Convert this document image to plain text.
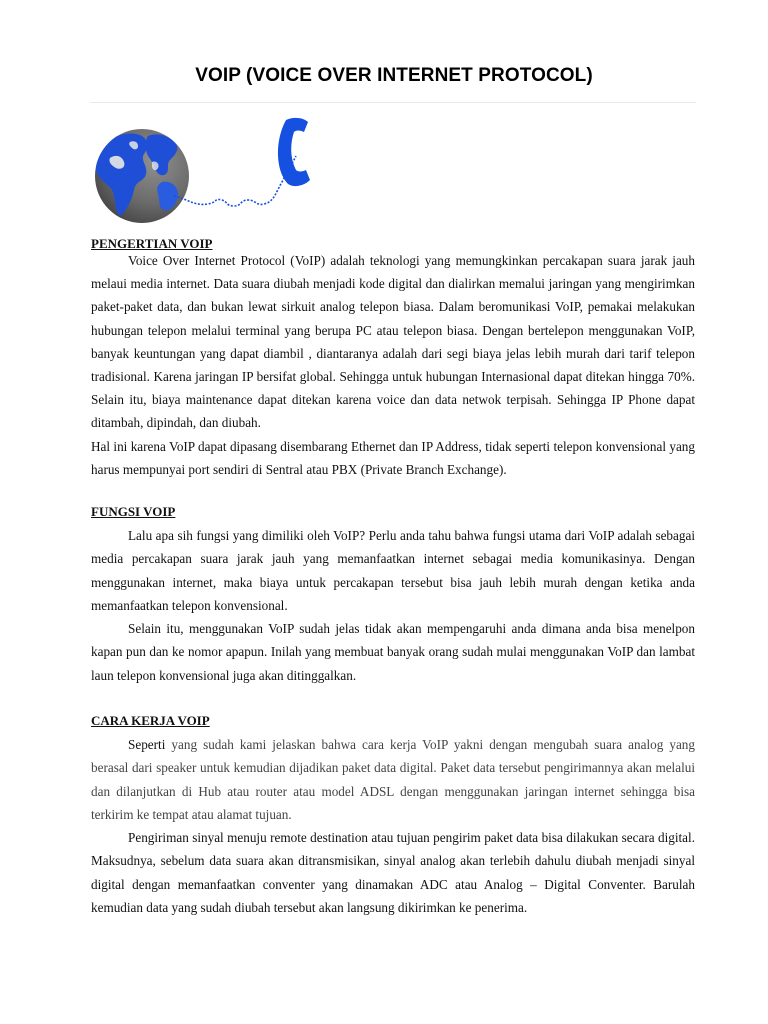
VOIP (VOICE OVER INTERNET PROTOCOL)
PENGERTIAN VOIP

Voice Over Internet Protocol (VoIP) adalah teknologi yang memungkinkan percakapan suara jarak jauh melaui media internet. Data suara diubah menjadi kode digital dan dialirkan memalui jaringan yang mengirimkan paket-paket data, dan bukan lewat sirkuit analog telepon biasa. Dalam beromunikasi VoIP, pemakai melakukan hubungan telepon melalui terminal yang berupa PC atau telepon biasa. Dengan bertelepon menggunakan VoIP, banyak keuntungan yang dapat diambil , diantaranya adalah dari segi biaya jelas lebih murah dari tarif telepon tradisional. Karena jaringan IP bersifat global. Sehingga untuk hubungan Internasional dapat ditekan hingga 70%. Selain itu, biaya maintenance dapat ditekan karena voice dan data netwok terpisah. Sehingga IP Phone dapat ditambah, dipindah, dan diubah.

Hal ini karena VoIP dapat dipasang disembarang Ethernet dan IP Address, tidak seperti telepon konvensional yang harus mempunyai port sendiri di Sentral atau PBX (Private Branch Exchange).

FUNGSI VOIP

Lalu apa sih fungsi yang dimiliki oleh VoIP? Perlu anda tahu bahwa fungsi utama dari VoIP adalah sebagai media percakapan suara jarak jauh yang memanfaatkan internet sebagai media komunikasinya. Dengan menggunakan internet, maka biaya untuk percakapan tersebut bisa jauh lebih murah dengan ketika anda memanfaatkan telepon konvensional.

Selain itu, menggunakan VoIP sudah jelas tidak akan mempengaruhi anda dimana anda bisa menelpon kapan pun dan ke nomor apapun. Inilah yang membuat banyak orang sudah mulai menggunakan VoIP dan lambat laun telepon konvensional juga akan ditinggalkan.

CARA KERJA VOIP

Seperti yang sudah kami jelaskan bahwa cara kerja VoIP yakni dengan mengubah suara analog yang berasal dari speaker untuk kemudian dijadikan paket data digital. Paket data tersebut pengirimannya akan melalui dan dilanjutkan di Hub atau router atau model ADSL dengan menggunakan jaringan internet sehingga bisa terkirim ke tempat atau alamat tujuan.

Pengiriman sinyal menuju remote destination atau tujuan pengirim paket data bisa dilakukan secara digital. Maksudnya, sebelum data suara akan ditransmisikan, sinyal analog akan terlebih dahulu diubah menjadi sinyal digital dengan memanfaatkan conventer yang dinamakan ADC atau Analog – Digital Conventer. Barulah kemudian data yang sudah diubah tersebut akan langsung dikirimkan ke penerima.
